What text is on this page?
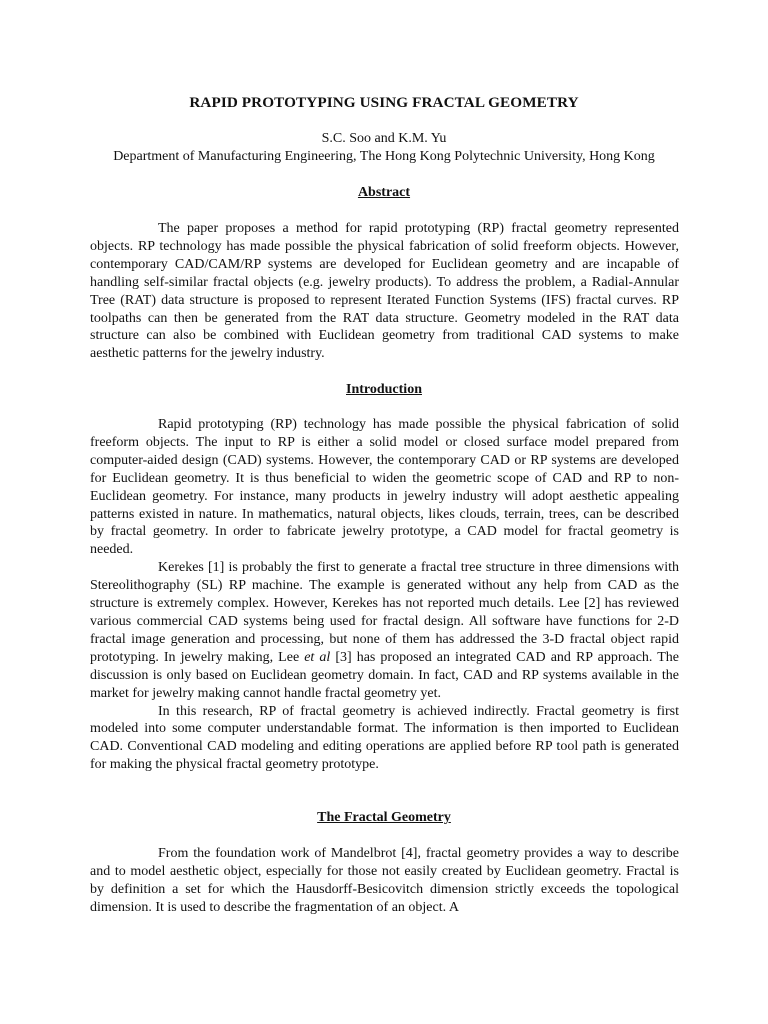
RAPID PROTOTYPING USING FRACTAL GEOMETRY
S.C. Soo and K.M. Yu
Department of Manufacturing Engineering, The Hong Kong Polytechnic University, Hong Kong
Abstract

The paper proposes a method for rapid prototyping (RP) fractal geometry represented objects. RP technology has made possible the physical fabrication of solid freeform objects. However, contemporary CAD/CAM/RP systems are developed for Euclidean geometry and are incapable of handling self-similar fractal objects (e.g. jewelry products). To address the problem, a Radial-Annular Tree (RAT) data structure is proposed to represent Iterated Function Systems (IFS) fractal curves. RP toolpaths can then be generated from the RAT data structure. Geometry modeled in the RAT data structure can also be combined with Euclidean geometry from traditional CAD systems to make aesthetic patterns for the jewelry industry.

Introduction

Rapid prototyping (RP) technology has made possible the physical fabrication of solid freeform objects. The input to RP is either a solid model or closed surface model prepared from computer-aided design (CAD) systems. However, the contemporary CAD or RP systems are developed for Euclidean geometry. It is thus beneficial to widen the geometric scope of CAD and RP to non-Euclidean geometry. For instance, many products in jewelry industry will adopt aesthetic appealing patterns existed in nature. In mathematics, natural objects, likes clouds, terrain, trees, can be described by fractal geometry. In order to fabricate jewelry prototype, a CAD model for fractal geometry is needed.

Kerekes [1] is probably the first to generate a fractal tree structure in three dimensions with Stereolithography (SL) RP machine. The example is generated without any help from CAD as the structure is extremely complex. However, Kerekes has not reported much details. Lee [2] has reviewed various commercial CAD systems being used for fractal design. All software have functions for 2-D fractal image generation and processing, but none of them has addressed the 3-D fractal object rapid prototyping. In jewelry making, Lee et al [3] has proposed an integrated CAD and RP approach. The discussion is only based on Euclidean geometry domain. In fact, CAD and RP systems available in the market for jewelry making cannot handle fractal geometry yet.

In this research, RP of fractal geometry is achieved indirectly. Fractal geometry is first modeled into some computer understandable format. The information is then imported to Euclidean CAD. Conventional CAD modeling and editing operations are applied before RP tool path is generated for making the physical fractal geometry prototype.

The Fractal Geometry

From the foundation work of Mandelbrot [4], fractal geometry provides a way to describe and to model aesthetic object, especially for those not easily created by Euclidean geometry. Fractal is by definition a set for which the Hausdorff-Besicovitch dimension strictly exceeds the topological dimension. It is used to describe the fragmentation of an object. A
